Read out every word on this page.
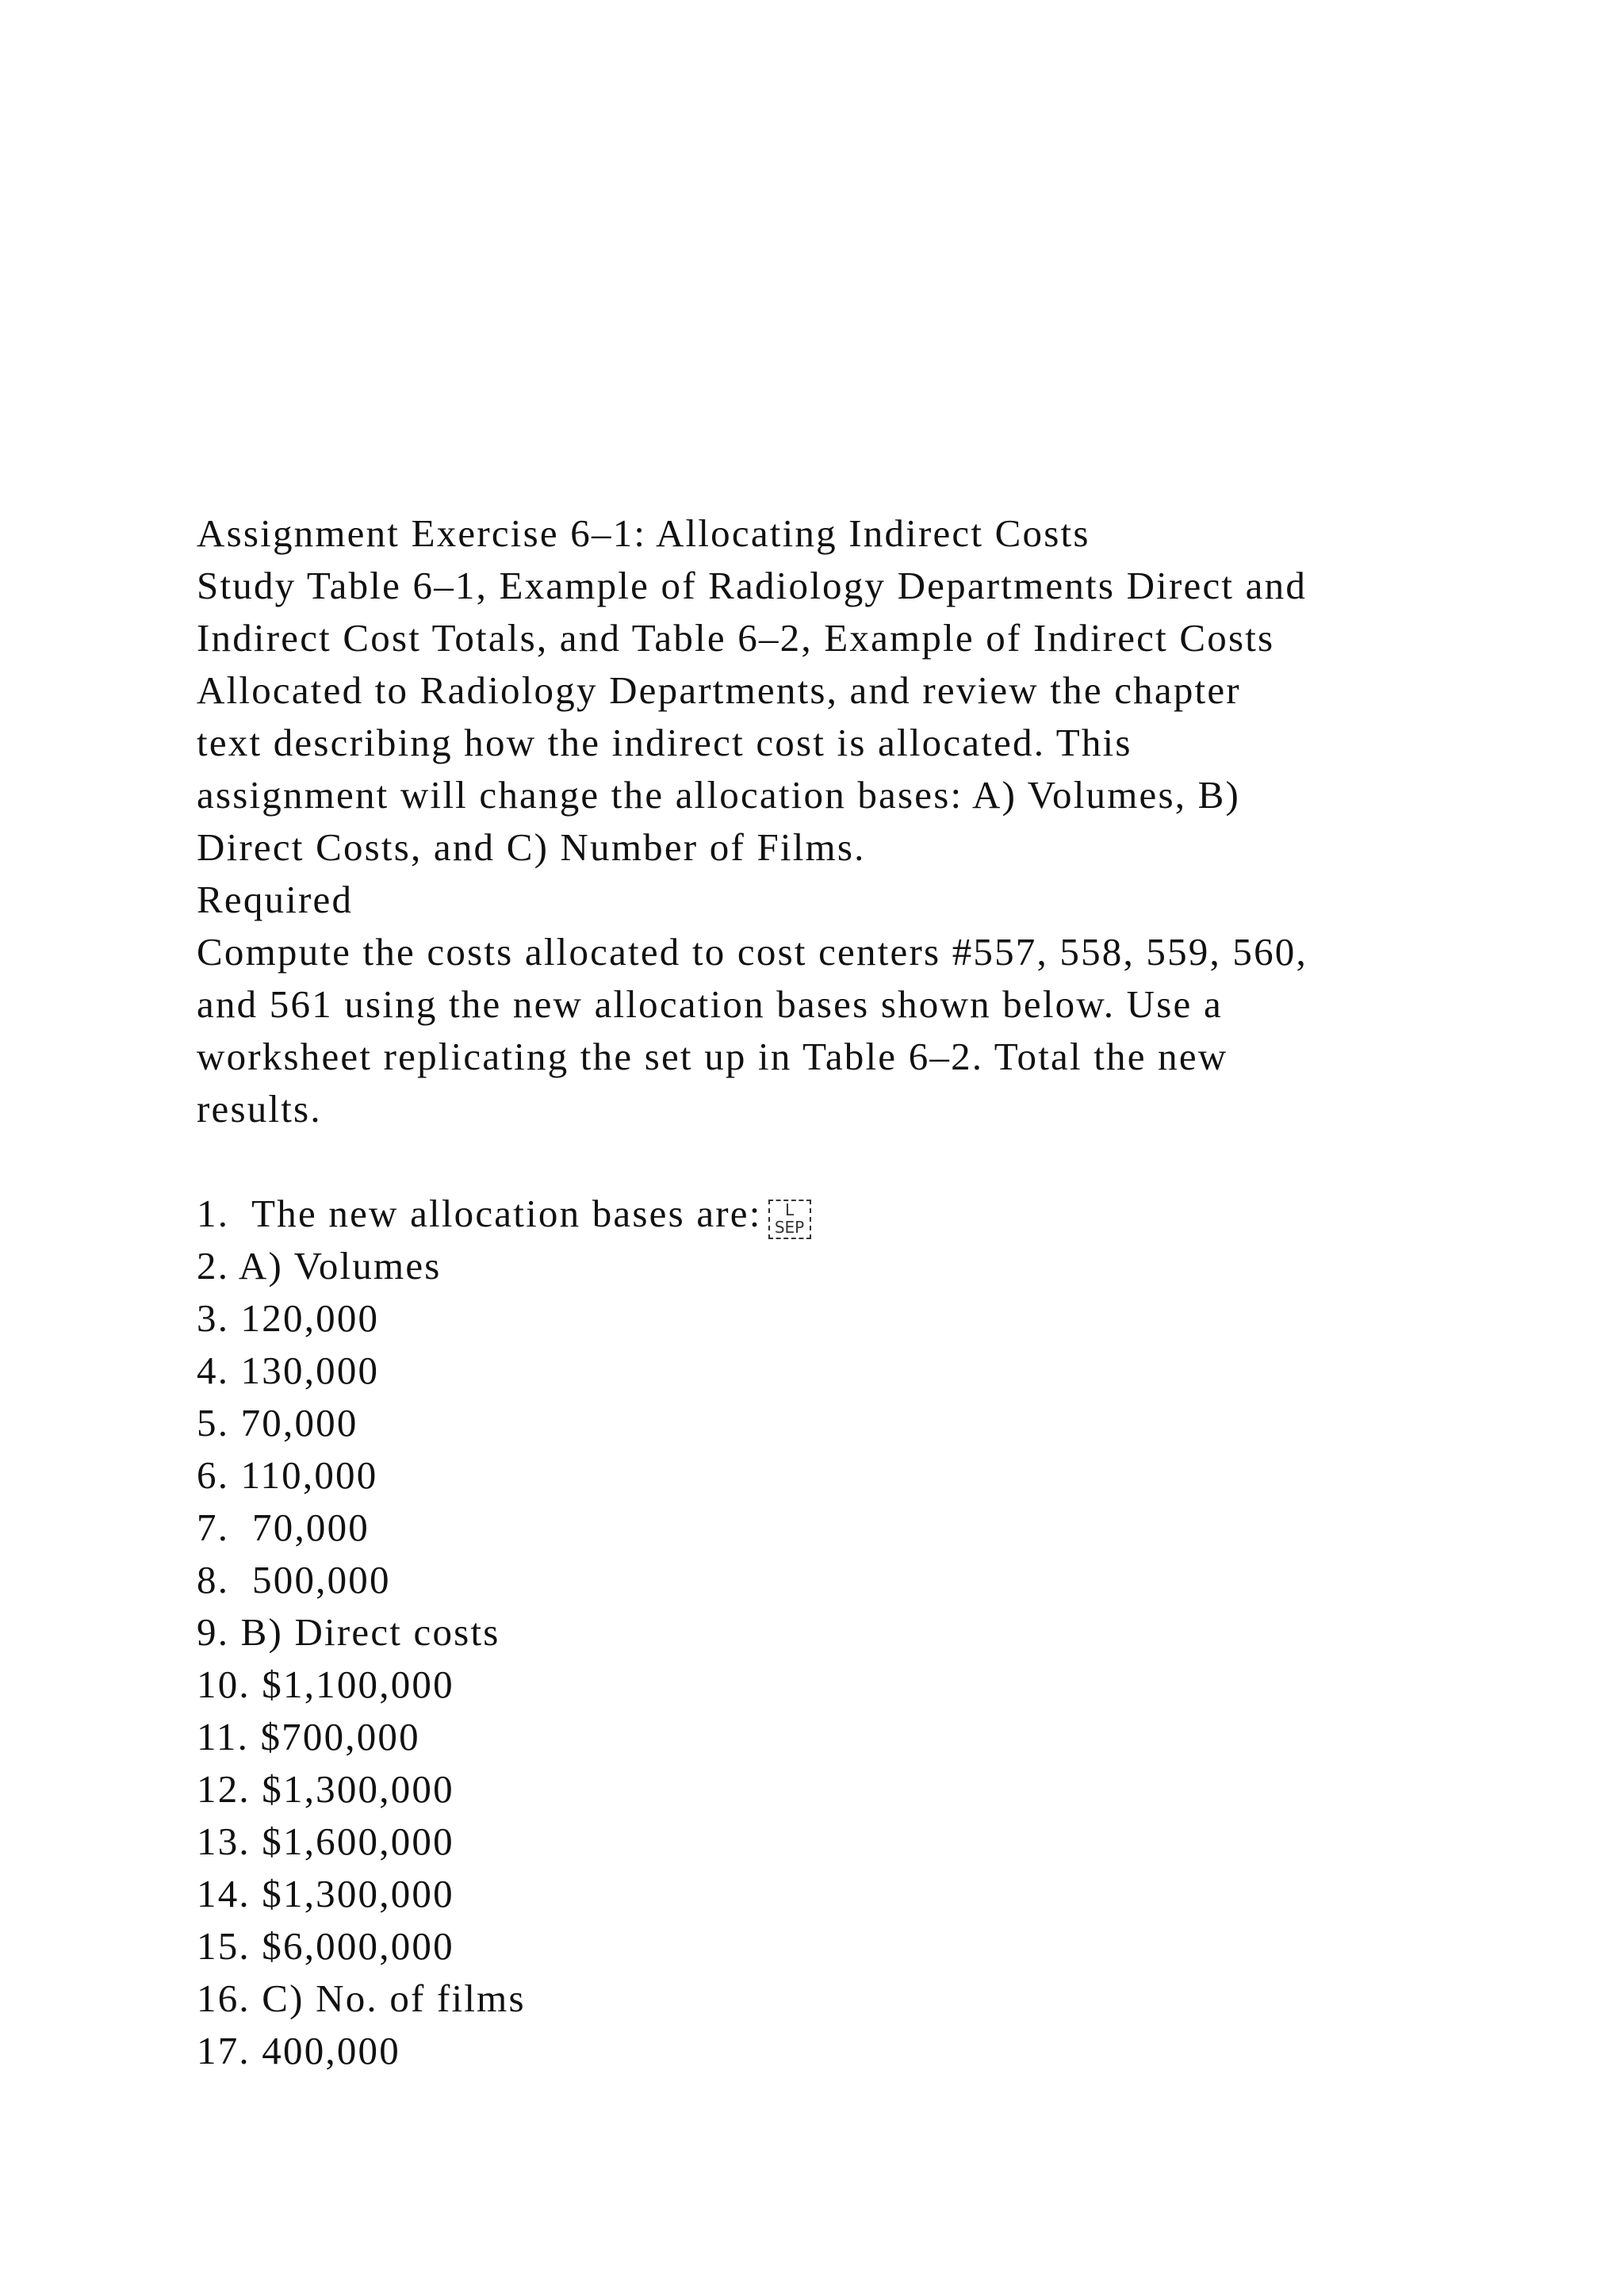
Assignment Exercise 6–1: Allocating Indirect Costs
Study Table 6–1, Example of Radiology Departments Direct and
Indirect Cost Totals, and Table 6–2, Example of Indirect Costs
Allocated to Radiology Departments, and review the chapter
text describing how the indirect cost is allocated. This
assignment will change the allocation bases: A) Volumes, B)
Direct Costs, and C) Number of Films.
Required
Compute the costs allocated to cost centers #557, 558, 559, 560,
and 561 using the new allocation bases shown below. Use a
worksheet replicating the set up in Table 6–2. Total the new
results.
1.  The new allocation bases are:	L
SEP
2. A) Volumes
3. 120,000
4. 130,000
5. 70,000
6. 110,000
7.  70,000
8.  500,000
9. B) Direct costs
10. $1,100,000
11. $700,000
12. $1,300,000
13. $1,600,000
14. $1,300,000
15. $6,000,000
16. C) No. of films
17. 400,000
